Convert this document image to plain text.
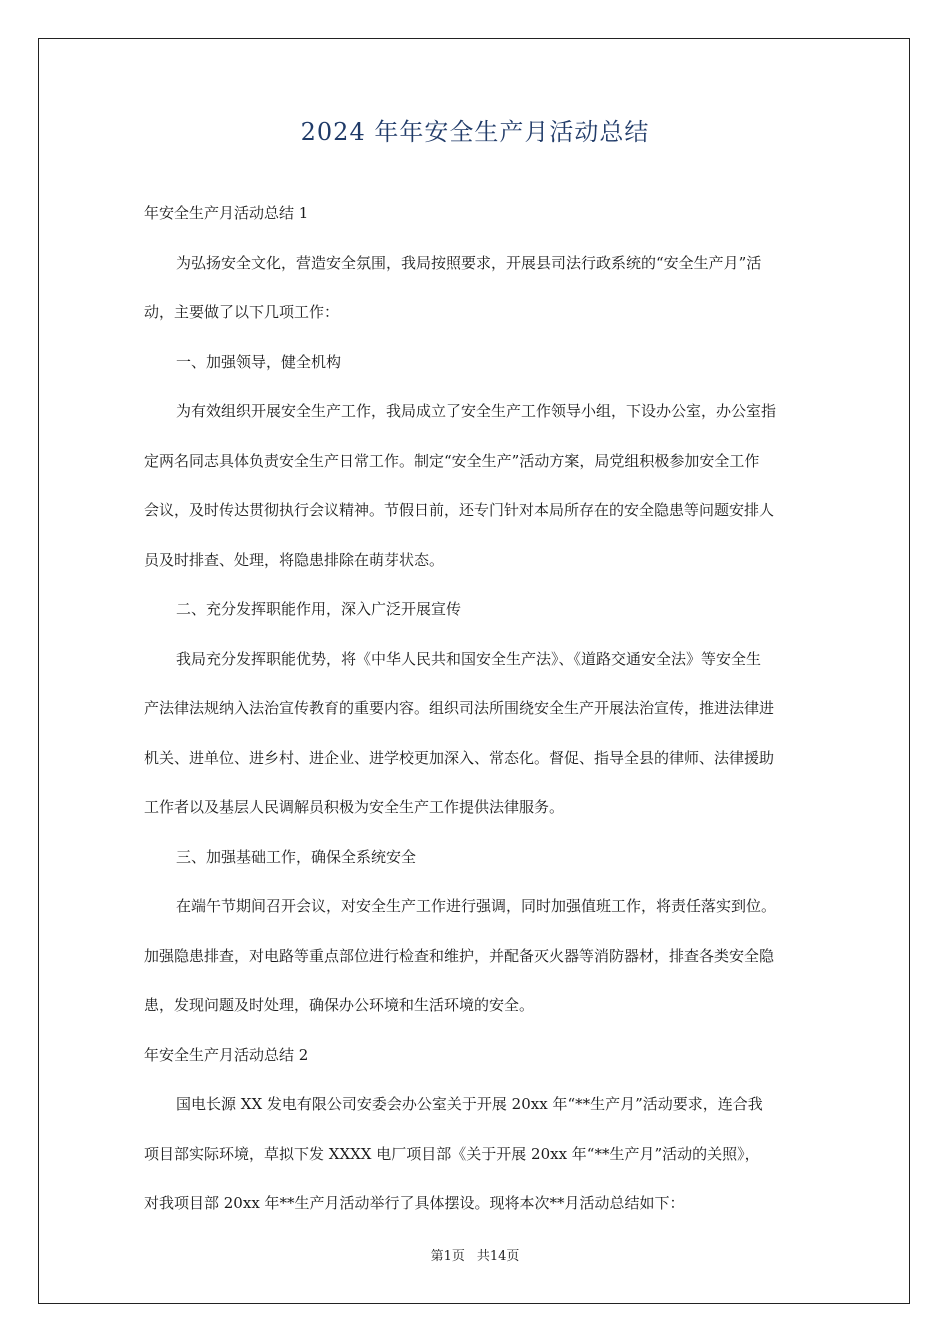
2024 年年安全生产月活动总结
年安全生产月活动总结 1
为弘扬安全文化，营造安全氛围，我局按照要求，开展县司法行政系统的“安全生产月”活
动，主要做了以下几项工作：
一、加强领导，健全机构
为有效组织开展安全生产工作，我局成立了安全生产工作领导小组，下设办公室，办公室指
定两名同志具体负责安全生产日常工作。制定“安全生产”活动方案，局党组积极参加安全工作
会议，及时传达贯彻执行会议精神。节假日前，还专门针对本局所存在的安全隐患等问题安排人
员及时排查、处理，将隐患排除在萌芽状态。
二、充分发挥职能作用，深入广泛开展宣传
我局充分发挥职能优势，将《中华人民共和国安全生产法》、《道路交通安全法》等安全生
产法律法规纳入法治宣传教育的重要内容。组织司法所围绕安全生产开展法治宣传，推进法律进
机关、进单位、进乡村、进企业、进学校更加深入、常态化。督促、指导全县的律师、法律援助
工作者以及基层人民调解员积极为安全生产工作提供法律服务。
三、加强基础工作，确保全系统安全
在端午节期间召开会议，对安全生产工作进行强调，同时加强值班工作，将责任落实到位。
加强隐患排查，对电路等重点部位进行检查和维护，并配备灭火器等消防器材，排查各类安全隐
患，发现问题及时处理，确保办公环境和生活环境的安全。
年安全生产月活动总结 2
国电长源 XX 发电有限公司安委会办公室关于开展 20xx 年“**生产月”活动要求，连合我
项目部实际环境，草拟下发 XXXX 电厂项目部《关于开展 20xx 年“**生产月”活动的关照》，
对我项目部 20xx 年**生产月活动举行了具体摆设。现将本次**月活动总结如下：
第1页 共14页
